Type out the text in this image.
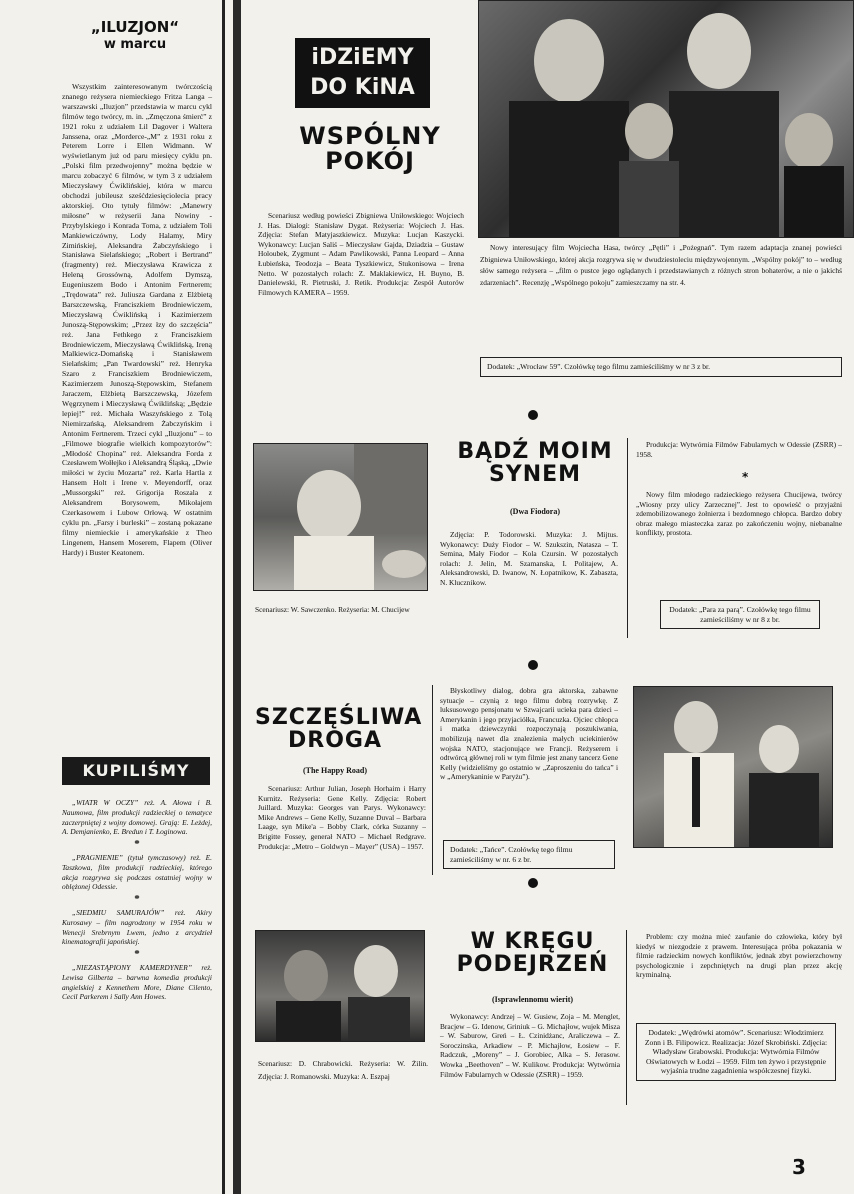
„ILUZJON“
w marcu

Wszystkim zainteresowanym twórczością znanego reżysera niemieckiego Fritza Langa – warszawski „Iluzjon” przedstawia w marcu cykl filmów tego twórcy, m. in. „Zmęczona śmierć” z 1921 roku z udziałem Lil Dagover i Waltera Janssena, oraz „Morderce-„M” z 1931 roku z Peterem Lorre i Ellen Widmann. W wyświetlanym już od paru miesięcy cyklu pn. „Polski film przedwojenny” można będzie w marcu zobaczyć 6 filmów, w tym 3 z udziałem Mieczysławy Ćwiklińskiej, która w marcu obchodzi jubileusz sześćdziesięciolecia pracy aktorskiej. Oto tytuły filmów: „Manewry miłosne” w reżyserii Jana Nowiny - Przybylskiego i Konrada Toma, z udziałem Toli Mankiewiczówny, Lody Halamy, Miry Zimińskiej, Aleksandra Żabczyńskiego i Stanisława Sielańskiego; „Robert i Bertrand” (fragmenty) reż. Mieczysława Krawicza z Heleną Grossówną, Adolfem Dymszą, Eugeniuszem Bodo i Antonim Fertnerem; „Trędowata” reż. Juliusza Gardana z Elżbietą Barszczewską, Franciszkiem Brodniewiczem, Mieczysławą Ćwiklińską i Kazimierzem Junoszą-Stępowskim; „Przez łzy do szczęścia” reż. Jana Fethkego z Franciszkiem Brodniewiczem, Mieczysławą Ćwiklińską, Ireną Malkiewicz-Domańską i Stanisławem Sielańskim; „Pan Twardowski” reż. Henryka Szaro z Franciszkiem Brodniewiczem, Kazimierzem Junoszą-Stępowskim, Stefanem Jaraczem, Elżbietą Barszczewską, Józefem Węgrzynem i Mieczysławą Ćwiklińską; „Będzie lepiej!” reż. Michała Waszyńskiego z Tolą Niemirzańską, Aleksandrem Żabczyńskim i Antonim Fertnerem. Trzeci cykl „Iluzjonu” – to „Filmowe biografie wielkich kompozytorów”: „Młodość Chopina” reż. Aleksandra Forda z Czesławem Wołłejko i Aleksandrą Śląską, „Dwie miłości w życiu Mozarta” reż. Karla Hartla z Hansem Holt i Irene v. Meyendorff, oraz „Mussorgski” reż. Grigorija Roszala z Aleksandrem Borysowem, Mikołajem Czerkasowem i Lubow Orłową. W ostatnim cyklu pn. „Farsy i burleski” – zostaną pokazane filmy niemieckie i amerykańskie z Theo Lingenem, Hansem Moserem, Flapem (Oliver Hardy) i Buster Keatonem.

KUPILIŚMY

„WIATR W OCZY” reż. A. Ałowa i B. Naumowa, film produkcji radzieckiej o tematyce zaczerpniętej z wojny domowej. Grają: E. Leżdej, A. Demjanienko, E. Bredun i T. Łoginowa.

*

„PRAGNIENIE” (tytuł tymczasowy) reż. E. Taszkowa, film produkcji radzieckiej, którego akcja rozgrywa się podczas ostatniej wojny w oblężonej Odessie.

*

„SIEDMIU SAMURAJÓW” reż. Akiry Kurosawy – film nagrodzony w 1954 roku w Wenecji Srebrnym Lwem, jedno z arcydzieł kinematografii japońskiej.

*

„NIEZASTĄPIONY KAMERDYNER” reż. Lewisa Gilberta – barwna komedia produkcji angielskiej z Kennethem More, Diane Cilento, Cecil Parkerem i Sally Ann Howes.

iDZiEMY
DO KiNA
WSPÓLNY
POKÓJ

Scenariusz według powieści Zbigniewa Uniłowskiego: Wojciech J. Has. Dialogi: Stanisław Dygat. Reżyseria: Wojciech J. Has. Zdjęcia: Stefan Matyjaszkiewicz. Muzyka: Lucjan Kaszycki. Wykonawcy: Lucjan Saliś – Mieczysław Gajda, Dziadzia – Gustaw Holoubek, Zygmunt – Adam Pawlikowski, Panna Leopard – Anna Łubieńska, Teodozja – Beata Tyszkiewicz, Stukonisowa – Irena Netto. W pozostałych rolach: Z. Maklakiewicz, H. Buyno, B. Danielewski, R. Pietruski, J. Retik. Produkcja: Zespół Autorów Filmowych KAMERA – 1959.

Nowy interesujący film Wojciecha Hasa, twórcy „Pętli” i „Pożegnań”. Tym razem adaptacja znanej powieści Zbigniewa Uniłowskiego, której akcja rozgrywa się w dwudziestoleciu międzywojennym. „Wspólny pokój” to – według słów samego reżysera – „film o pustce jego oglądanych i przedstawianych z różnych stron bohaterów, a nie o jakichś zdarzeniach”. Recenzję „Wspólnego pokoju” zamieszczamy na str. 4.

Dodatek: „Wrocław 59”. Czołówkę tego filmu zamieściliśmy w nr 3 z br.

Scenariusz: W. Sawczenko. Reżyseria: M. Chucijew

BĄDŹ MOIM
SYNEM
(Dwa Fiodora)

Zdjęcia: P. Todorowski. Muzyka: J. Mijtus. Wykonawcy: Duży Fiodor – W. Szukszin, Natasza – T. Semina, Mały Fiodor – Kola Czursin. W pozostałych rolach: J. Jelin, M. Szamanska, I. Politajew, A. Aleksandrowski, D. Iwanow, N. Łopatnikow, K. Zabaszta, N. Klucznikow.

Produkcja: Wytwórnia Filmów Fabularnych w Odessie (ZSRR) – 1958.

*

Nowy film młodego radzieckiego reżysera Chucijewa, twórcy „Wiosny przy ulicy Zarzecznej”. Jest to opowieść o przyjaźni zdemobilizowanego żołnierza i bezdomnego chłopca. Bardzo dobry obraz małego miasteczka zaraz po zakończeniu wojny, niebanalne konflikty, prostota.

Dodatek: „Para za parą”. Czołówkę tego filmu zamieściliśmy w nr 8 z br.
SZCZĘŚLIWA
DROGA
(The Happy Road)

Scenariusz: Arthur Julian, Joseph Horhaim i Harry Kurnitz. Reżyseria: Gene Kelly. Zdjęcia: Robert Juillard. Muzyka: Georges van Parys. Wykonawcy: Mike Andrews – Gene Kelly, Suzanne Duval – Barbara Laage, syn Mike'a – Bobby Clark, córka Suzanny – Brigitte Fossey, generał NATO – Michael Redgrave. Produkcja: „Metro – Goldwyn – Mayer” (USA) – 1957.

Błyskotliwy dialog, dobra gra aktorska, zabawne sytuacje – czynią z tego filmu dobrą rozrywkę. Z luksusowego pensjonatu w Szwajcarii ucieka para dzieci – Amerykanin i jego przyjaciółka, Francuzka. Ojciec chłopca i matka dziewczynki rozpoczynają poszukiwania, mobilizują nawet dla znalezienia małych uciekinierów wojska NATO, stacjonujące we Francji. Reżyserem i odtwórcą głównej roli w tym filmie jest znany tancerz Gene Kelly (widzieliśmy go ostatnio w „Zaproszeniu do tańca” i w „Amerykaninie w Paryżu”).

Dodatek: „Tańce”. Czołówkę tego filmu zamieściliśmy w nr. 6 z br.

Scenariusz: D. Chrabowicki. Reżyseria: W. Żilin. Zdjęcia: J. Romanowski. Muzyka: A. Eszpaj

W KRĘGU
PODEJRZEŃ
(Isprawlennomu wierit)

Wykonawcy: Andrzej – W. Gusiew, Zoja – M. Menglet, Bracjew – G. Idenow, Griniuk – G. Michajłow, wujek Misza – W. Saburow, Greń – Ł. Czinidżanc, Araliczewa – Z. Soroczinska, Arkadiew – P. Michajłow, Łosiew – F. Radczuk, „Moreny” – J. Gorobiec, Alka – S. Jerasow. Wowka „Beethoven” – W. Kulikow. Produkcja: Wytwórnia Filmów Fabularnych w Odessie (ZSRR) – 1959.

Problem: czy można mieć zaufanie do człowieka, który był kiedyś w niezgodzie z prawem. Interesująca próba pokazania w filmie radzieckim nowych konfliktów, jednak zbyt powierzchowny psychologicznie i zepchniętych na drugi plan przez akcję kryminalną.

Dodatek: „Wędrówki atomów”. Scenariusz: Włodzimierz Zonn i B. Filipowicz. Realizacja: Józef Skrobiński. Zdjęcia: Władysław Grabowski. Produkcja: Wytwórnia Filmów Oświatowych w Łodzi – 1959. Film ten żywo i przystępnie wyjaśnia trudne zagadnienia współczesnej fizyki.
3
